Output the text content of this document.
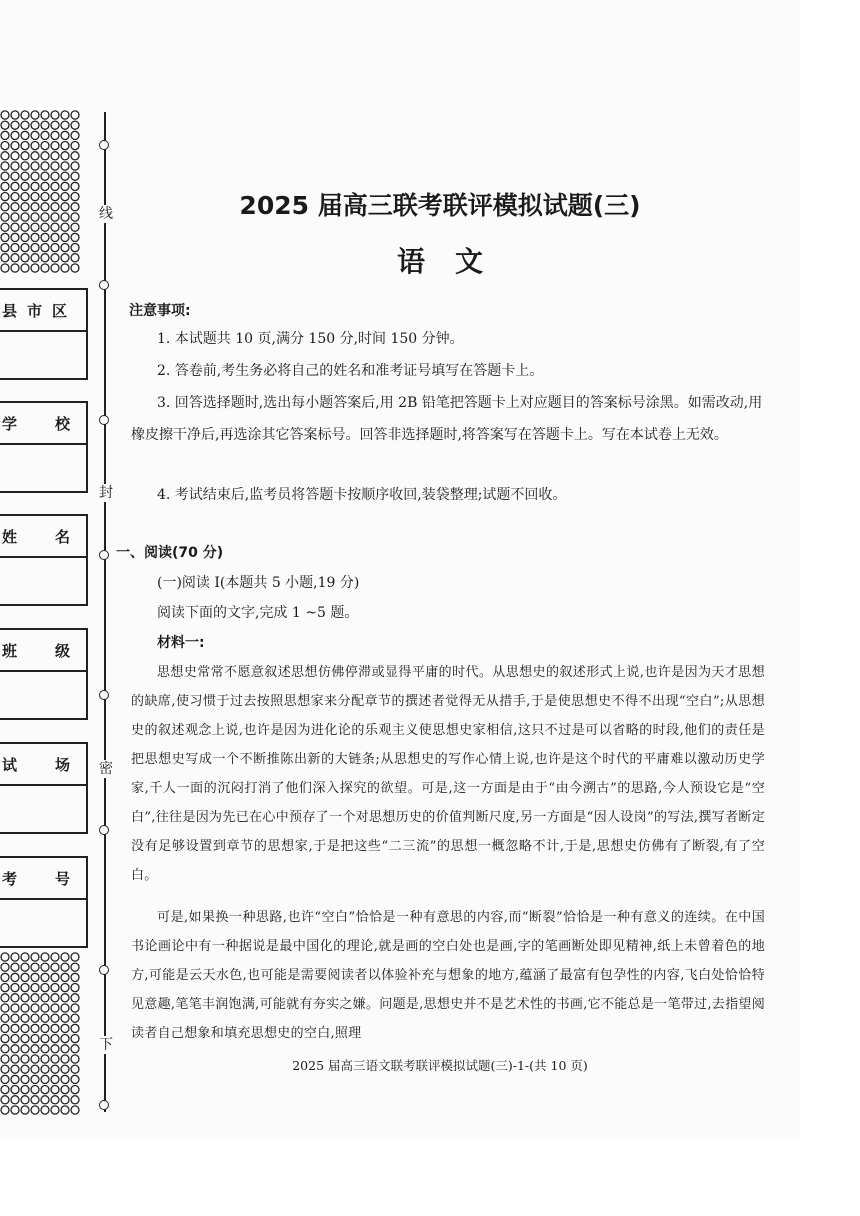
线
封
密
下
县 市 区
学	校
姓	名
班	级
试	场
考	号
2025 届高三联考联评模拟试题(三)
语文
注意事项:
1. 本试题共 10 页,满分 150 分,时间 150 分钟。
2. 答卷前,考生务必将自己的姓名和准考证号填写在答题卡上。
3. 回答选择题时,选出每小题答案后,用 2B 铅笔把答题卡上对应题目的答案标号涂黑。如需改动,用橡皮擦干净后,再选涂其它答案标号。回答非选择题时,将答案写在答题卡上。写在本试卷上无效。
4. 考试结束后,监考员将答题卡按顺序收回,装袋整理;试题不回收。
一、阅读(70 分)
(一)阅读 I(本题共 5 小题,19 分)
阅读下面的文字,完成 1 ~5 题。
材料一:
思想史常常不愿意叙述思想仿佛停滞或显得平庸的时代。从思想史的叙述形式上说,也许是因为天才思想的缺席,使习惯于过去按照思想家来分配章节的撰述者觉得无从措手,于是使思想史不得不出现“空白”;从思想史的叙述观念上说,也许是因为进化论的乐观主义使思想史家相信,这只不过是可以省略的时段,他们的责任是把思想史写成一个不断推陈出新的大链条;从思想史的写作心情上说,也许是这个时代的平庸难以激动历史学家,千人一面的沉闷打消了他们深入探究的欲望。可是,这一方面是由于“由今溯古”的思路,今人预设它是“空白”,往往是因为先已在心中预存了一个对思想历史的价值判断尺度,另一方面是“因人设岗”的写法,撰写者断定没有足够设置到章节的思想家,于是把这些“二三流”的思想一概忽略不计,于是,思想史仿佛有了断裂,有了空白。
可是,如果换一种思路,也许“空白”恰恰是一种有意思的内容,而“断裂”恰恰是一种有意义的连续。在中国书论画论中有一种据说是最中国化的理论,就是画的空白处也是画,字的笔画断处即见精神,纸上未曾着色的地方,可能是云天水色,也可能是需要阅读者以体验补充与想象的地方,蕴涵了最富有包孕性的内容,飞白处恰恰特见意趣,笔笔丰润饱满,可能就有夯实之嫌。问题是,思想史并不是艺术性的书画,它不能总是一笔带过,去指望阅读者自己想象和填充思想史的空白,照理
2025 届高三语文联考联评模拟试题(三)-1-(共 10 页)
